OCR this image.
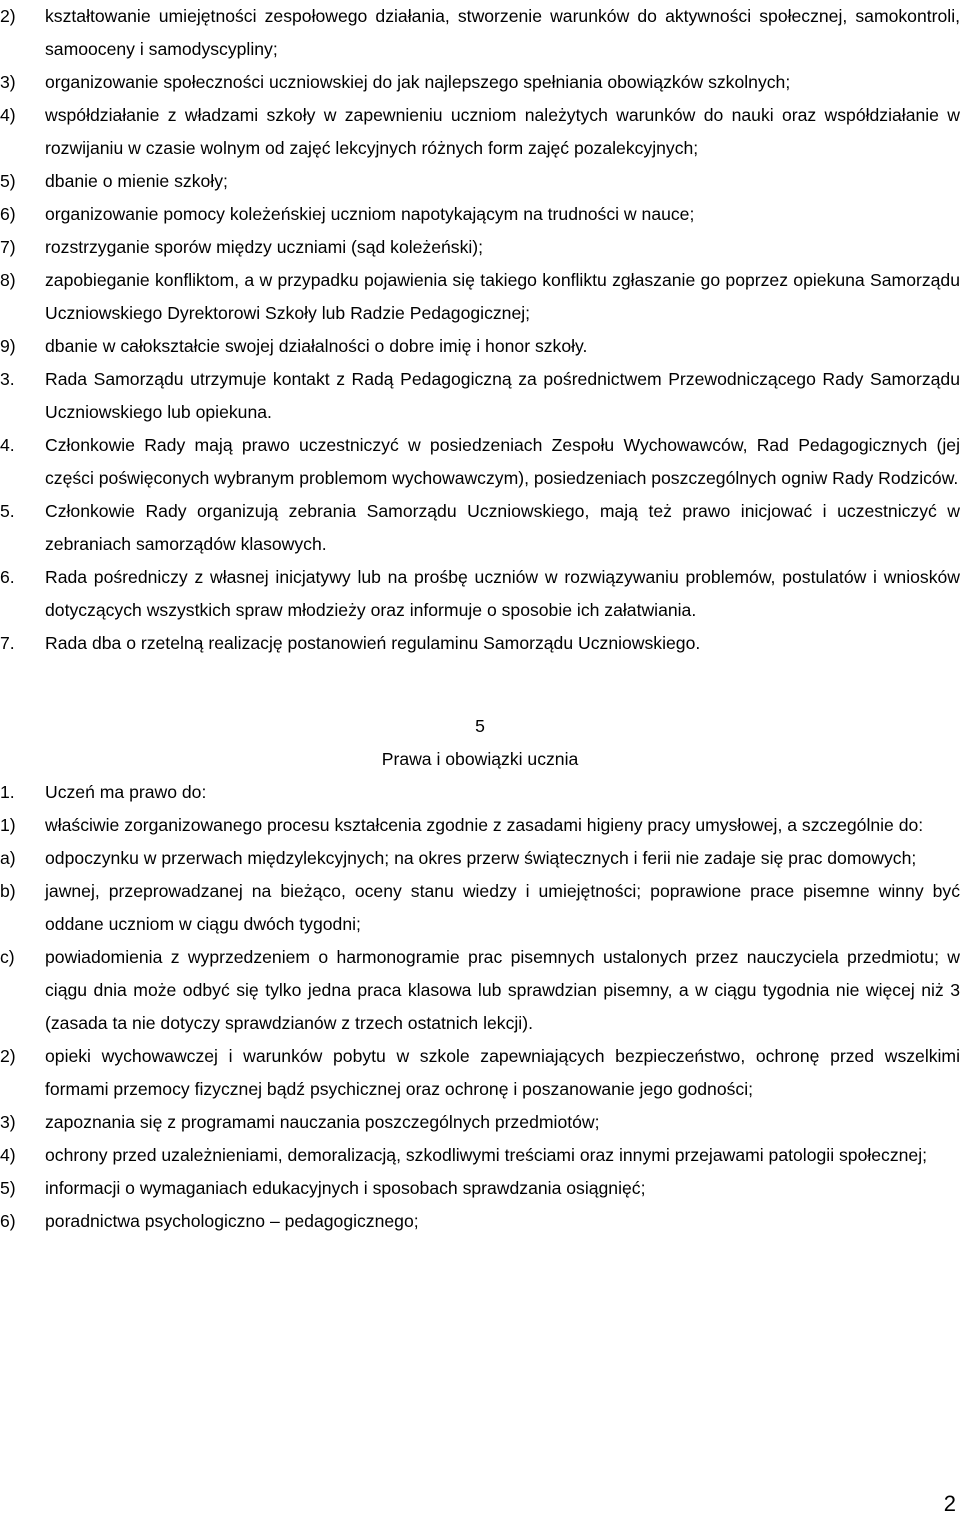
2)	kształtowanie umiejętności zespołowego działania, stworzenie warunków do aktywności społecznej, samokontroli, samooceny i samodyscypliny;
3)	organizowanie społeczności uczniowskiej do jak najlepszego spełniania obowiązków szkolnych;
4)	współdziałanie z władzami szkoły w zapewnieniu uczniom należytych warunków do nauki oraz współdziałanie w rozwijaniu w czasie wolnym od zajęć lekcyjnych różnych form zajęć pozalekcyjnych;
5)	dbanie o mienie szkoły;
6)	organizowanie pomocy koleżeńskiej uczniom napotykającym na trudności w nauce;
7)	rozstrzyganie sporów między uczniami (sąd koleżeński);
8)	zapobieganie konfliktom, a w przypadku pojawienia się takiego konfliktu zgłaszanie go poprzez opiekuna Samorządu Uczniowskiego Dyrektorowi Szkoły lub Radzie Pedagogicznej;
9)	dbanie w całokształcie swojej działalności o dobre imię i honor szkoły.
3.	Rada Samorządu utrzymuje kontakt z Radą Pedagogiczną za pośrednictwem Przewodniczącego Rady Samorządu Uczniowskiego lub opiekuna.
4.	Członkowie Rady mają prawo uczestniczyć w posiedzeniach Zespołu Wychowawców, Rad Pedagogicznych (jej części poświęconych wybranym problemom wychowawczym), posiedzeniach poszczególnych ogniw Rady Rodziców.
5.	Członkowie Rady organizują zebrania Samorządu Uczniowskiego, mają też prawo inicjować i uczestniczyć w zebraniach samorządów klasowych.
6.	Rada pośredniczy z własnej inicjatywy lub na prośbę uczniów w rozwiązywaniu problemów, postulatów i wniosków dotyczących wszystkich spraw młodzieży oraz informuje o sposobie ich załatwiania.
7.	Rada dba o rzetelną realizację postanowień regulaminu Samorządu Uczniowskiego.
5
Prawa i obowiązki ucznia
1.	Uczeń ma prawo do:
1)	właściwie zorganizowanego procesu kształcenia zgodnie z zasadami higieny pracy umysłowej, a szczególnie do:
a)	odpoczynku w przerwach międzylekcyjnych; na okres przerw świątecznych i ferii nie zadaje się prac domowych;
b)	jawnej, przeprowadzanej na bieżąco, oceny stanu wiedzy i umiejętności; poprawione prace pisemne winny być oddane uczniom w ciągu dwóch tygodni;
c)	powiadomienia z wyprzedzeniem o harmonogramie prac pisemnych ustalonych przez nauczyciela przedmiotu; w ciągu dnia może odbyć się tylko jedna praca klasowa lub sprawdzian pisemny, a w ciągu tygodnia nie więcej niż 3 (zasada ta nie dotyczy sprawdzianów z trzech ostatnich lekcji).
2)	opieki wychowawczej i warunków pobytu w szkole zapewniających bezpieczeństwo, ochronę przed wszelkimi formami przemocy fizycznej bądź psychicznej oraz ochronę i poszanowanie jego godności;
3)	zapoznania się z programami nauczania poszczególnych przedmiotów;
4)	ochrony przed uzależnieniami, demoralizacją, szkodliwymi treściami oraz innymi przejawami patologii społecznej;
5)	informacji o wymaganiach edukacyjnych i sposobach sprawdzania osiągnięć;
6)	poradnictwa psychologiczno – pedagogicznego;
2
